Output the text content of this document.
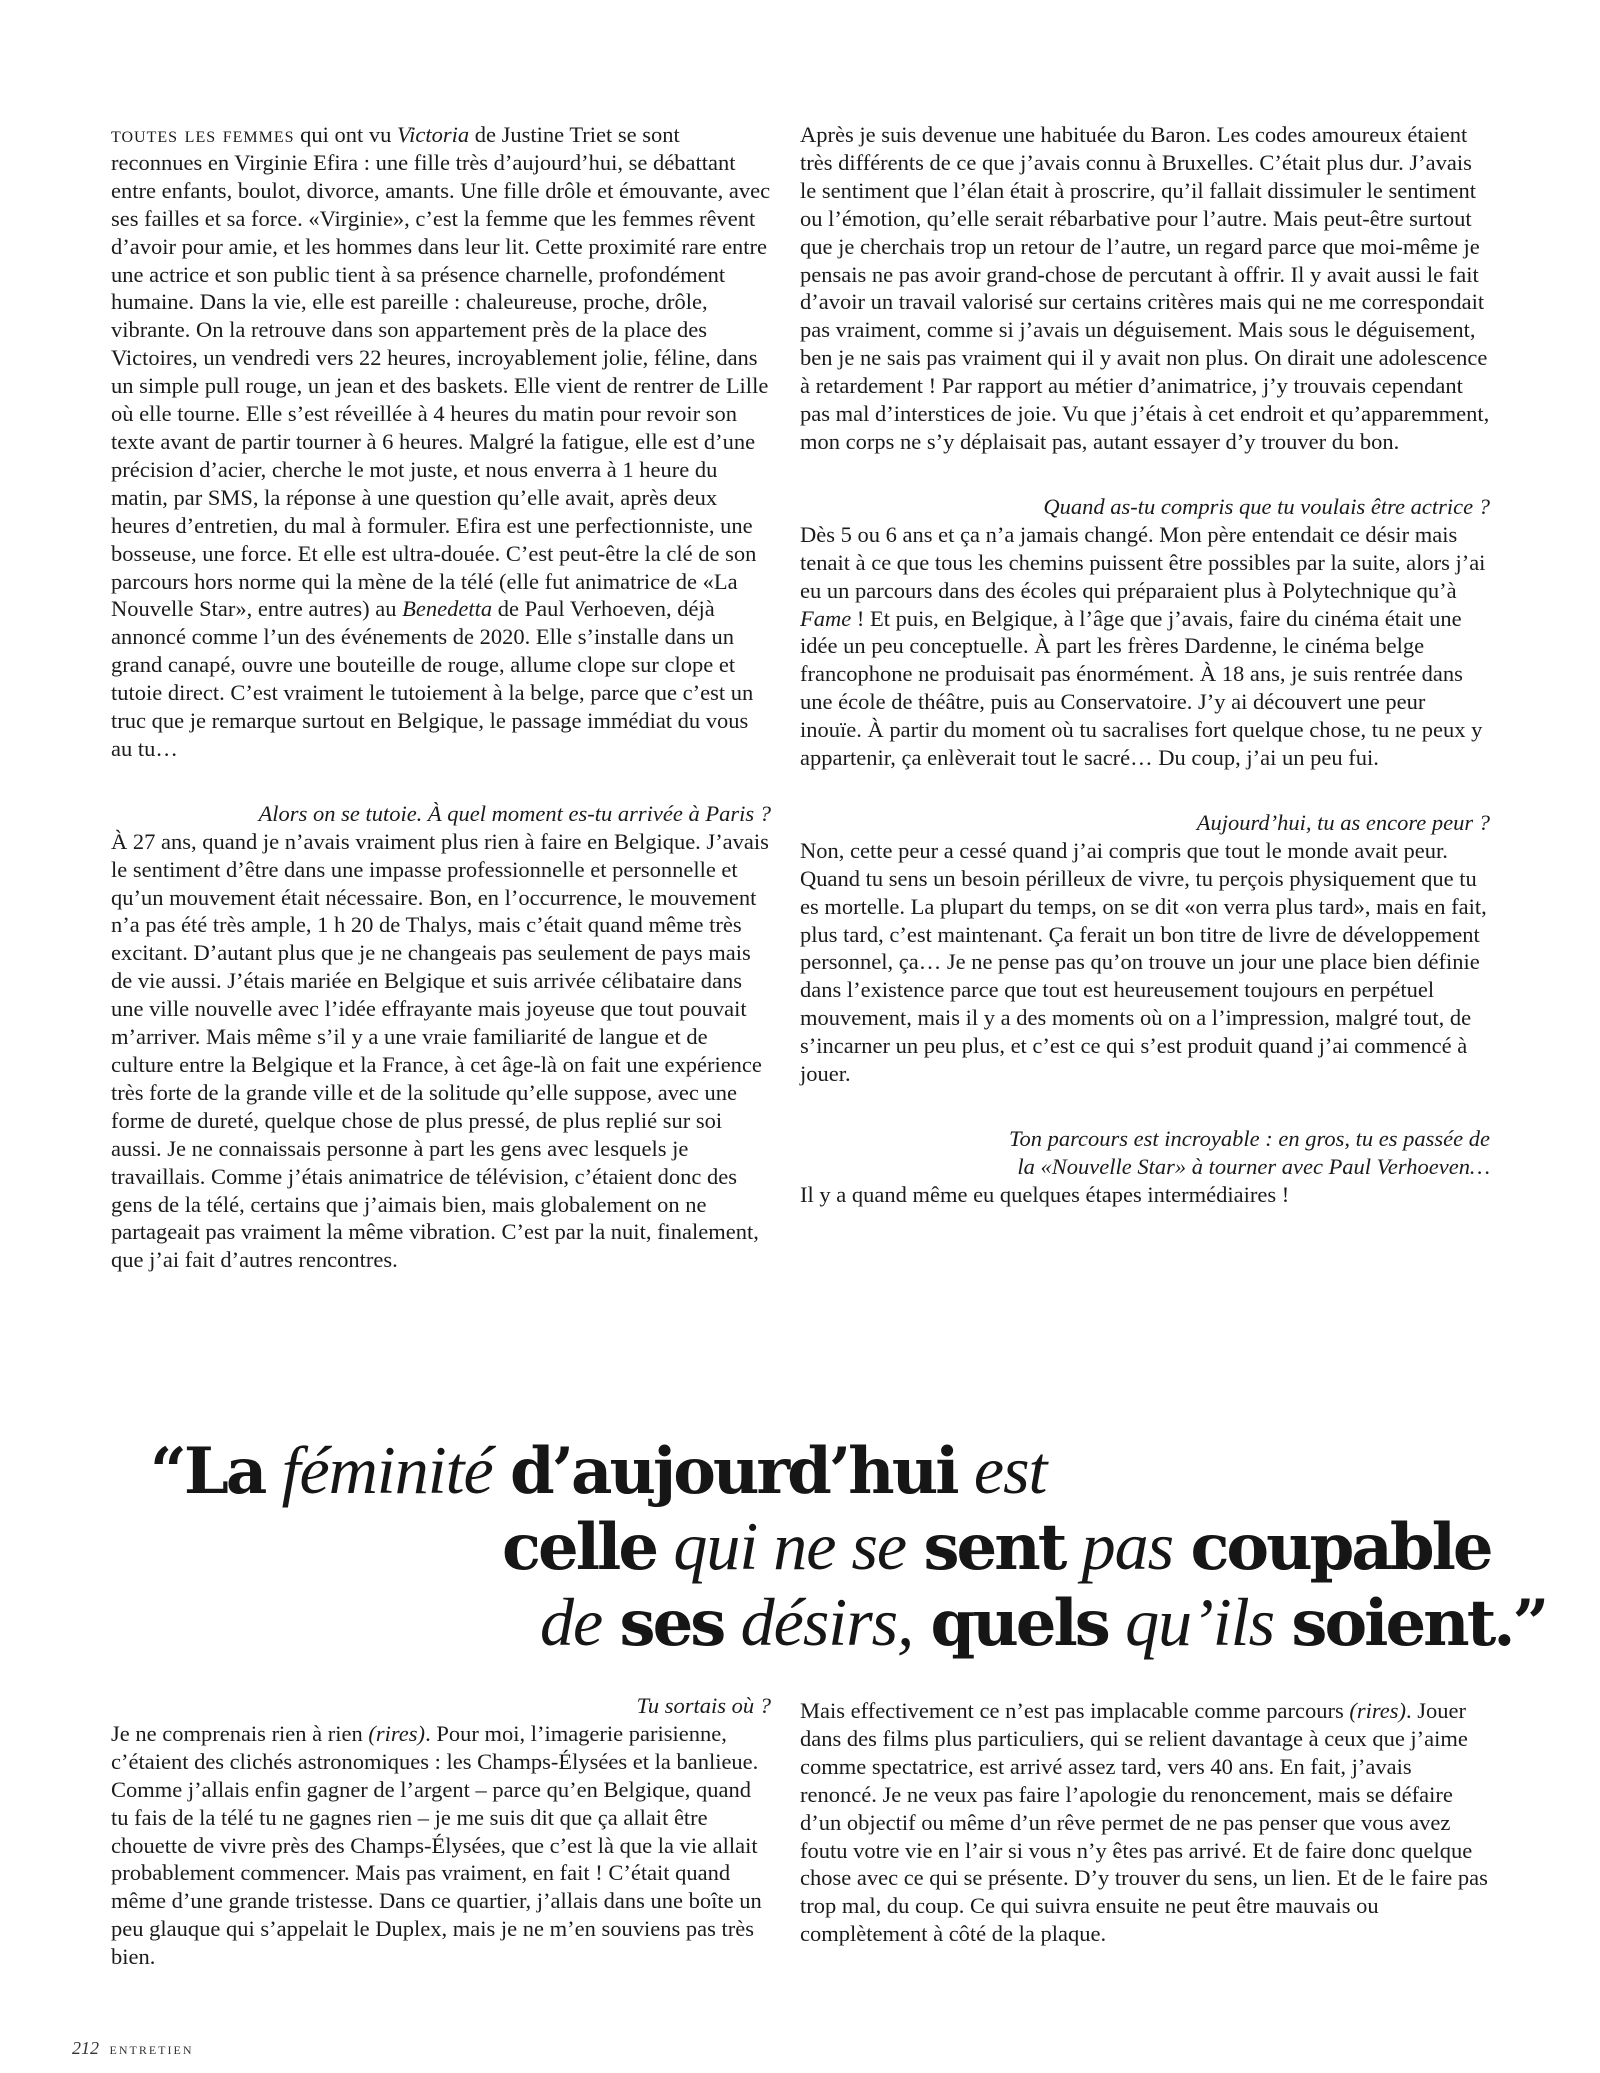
toutes les femmes qui ont vu Victoria de Justine Triet se sont reconnues en Virginie Efira : une fille très d’aujourd’hui, se débattant entre enfants, boulot, divorce, amants. Une fille drôle et émouvante, avec ses failles et sa force. «Virginie», c’est la femme que les femmes rêvent d’avoir pour amie, et les hommes dans leur lit. Cette proximité rare entre une actrice et son public tient à sa présence charnelle, profondément humaine. Dans la vie, elle est pareille : chaleureuse, proche, drôle, vibrante. On la retrouve dans son appartement près de la place des Victoires, un vendredi vers 22 heures, incroyablement jolie, féline, dans un simple pull rouge, un jean et des baskets. Elle vient de rentrer de Lille où elle tourne. Elle s’est réveillée à 4 heures du matin pour revoir son texte avant de partir tourner à 6 heures. Malgré la fatigue, elle est d’une précision d’acier, cherche le mot juste, et nous enverra à 1 heure du matin, par SMS, la réponse à une question qu’elle avait, après deux heures d’entretien, du mal à formuler. Efira est une perfectionniste, une bosseuse, une force. Et elle est ultra-douée. C’est peut-être la clé de son parcours hors norme qui la mène de la télé (elle fut animatrice de «La Nouvelle Star», entre autres) au Benedetta de Paul Verhoeven, déjà annoncé comme l’un des événements de 2020. Elle s’installe dans un grand canapé, ouvre une bouteille de rouge, allume clope sur clope et tutoie direct. C’est vraiment le tutoiement à la belge, parce que c’est un truc que je remarque surtout en Belgique, le passage immédiat du vous au tu…

Alors on se tutoie. À quel moment es-tu arrivée à Paris ?

À 27 ans, quand je n’avais vraiment plus rien à faire en Belgique. J’avais le sentiment d’être dans une impasse professionnelle et personnelle et qu’un mouvement était nécessaire. Bon, en l’occurrence, le mouvement n’a pas été très ample, 1 h 20 de Thalys, mais c’était quand même très excitant. D’autant plus que je ne changeais pas seulement de pays mais de vie aussi. J’étais mariée en Belgique et suis arrivée célibataire dans une ville nouvelle avec l’idée effrayante mais joyeuse que tout pouvait m’arriver. Mais même s’il y a une vraie familiarité de langue et de culture entre la Belgique et la France, à cet âge-là on fait une expérience très forte de la grande ville et de la solitude qu’elle suppose, avec une forme de dureté, quelque chose de plus pressé, de plus replié sur soi aussi. Je ne connaissais personne à part les gens avec lesquels je travaillais. Comme j’étais animatrice de télévision, c’étaient donc des gens de la télé, certains que j’aimais bien, mais globalement on ne partageait pas vraiment la même vibration. C’est par la nuit, finalement, que j’ai fait d’autres rencontres.

Après je suis devenue une habituée du Baron. Les codes amoureux étaient très différents de ce que j’avais connu à Bruxelles. C’était plus dur. J’avais le sentiment que l’élan était à proscrire, qu’il fallait dissimuler le sentiment ou l’émotion, qu’elle serait rébarbative pour l’autre. Mais peut-être surtout que je cherchais trop un retour de l’autre, un regard parce que moi-même je pensais ne pas avoir grand-chose de percutant à offrir. Il y avait aussi le fait d’avoir un travail valorisé sur certains critères mais qui ne me correspondait pas vraiment, comme si j’avais un déguisement. Mais sous le déguisement, ben je ne sais pas vraiment qui il y avait non plus. On dirait une adolescence à retardement ! Par rapport au métier d’animatrice, j’y trouvais cependant pas mal d’interstices de joie. Vu que j’étais à cet endroit et qu’apparemment, mon corps ne s’y déplaisait pas, autant essayer d’y trouver du bon.

Quand as-tu compris que tu voulais être actrice ?

Dès 5 ou 6 ans et ça n’a jamais changé. Mon père entendait ce désir mais tenait à ce que tous les chemins puissent être possibles par la suite, alors j’ai eu un parcours dans des écoles qui préparaient plus à Polytechnique qu’à Fame ! Et puis, en Belgique, à l’âge que j’avais, faire du cinéma était une idée un peu conceptuelle. À part les frères Dardenne, le cinéma belge francophone ne produisait pas énormément. À 18 ans, je suis rentrée dans une école de théâtre, puis au Conservatoire. J’y ai découvert une peur inouïe. À partir du moment où tu sacralises fort quelque chose, tu ne peux y appartenir, ça enlèverait tout le sacré… Du coup, j’ai un peu fui.

Aujourd’hui, tu as encore peur ?

Non, cette peur a cessé quand j’ai compris que tout le monde avait peur. Quand tu sens un besoin périlleux de vivre, tu perçois physiquement que tu es mortelle. La plupart du temps, on se dit «on verra plus tard», mais en fait, plus tard, c’est maintenant. Ça ferait un bon titre de livre de développement personnel, ça… Je ne pense pas qu’on trouve un jour une place bien définie dans l’existence parce que tout est heureusement toujours en perpétuel mouvement, mais il y a des moments où on a l’impression, malgré tout, de s’incarner un peu plus, et c’est ce qui s’est produit quand j’ai commencé à jouer.

Ton parcours est incroyable : en gros, tu es passée de

la «Nouvelle Star» à tourner avec Paul Verhoeven…

Il y a quand même eu quelques étapes intermédiaires !

“La féminité d’aujourd’hui est
celle qui ne se sent pas coupable
de ses désirs, quels qu’ils soient.”

Tu sortais où ?

Je ne comprenais rien à rien (rires). Pour moi, l’imagerie parisienne, c’étaient des clichés astronomiques : les Champs-Élysées et la banlieue. Comme j’allais enfin gagner de l’argent – parce qu’en Belgique, quand tu fais de la télé tu ne gagnes rien – je me suis dit que ça allait être chouette de vivre près des Champs-Élysées, que c’est là que la vie allait probablement commencer. Mais pas vraiment, en fait ! C’était quand même d’une grande tristesse. Dans ce quartier, j’allais dans une boîte un peu glauque qui s’appelait le Duplex, mais je ne m’en souviens pas très bien.

Mais effectivement ce n’est pas implacable comme parcours (rires). Jouer dans des films plus particuliers, qui se relient davantage à ceux que j’aime comme spectatrice, est arrivé assez tard, vers 40 ans. En fait, j’avais renoncé. Je ne veux pas faire l’apologie du renoncement, mais se défaire d’un objectif ou même d’un rêve permet de ne pas penser que vous avez foutu votre vie en l’air si vous n’y êtes pas arrivé. Et de faire donc quelque chose avec ce qui se présente. D’y trouver du sens, un lien. Et de le faire pas trop mal, du coup. Ce qui suivra ensuite ne peut être mauvais ou complètement à côté de la plaque.

212 entretien
